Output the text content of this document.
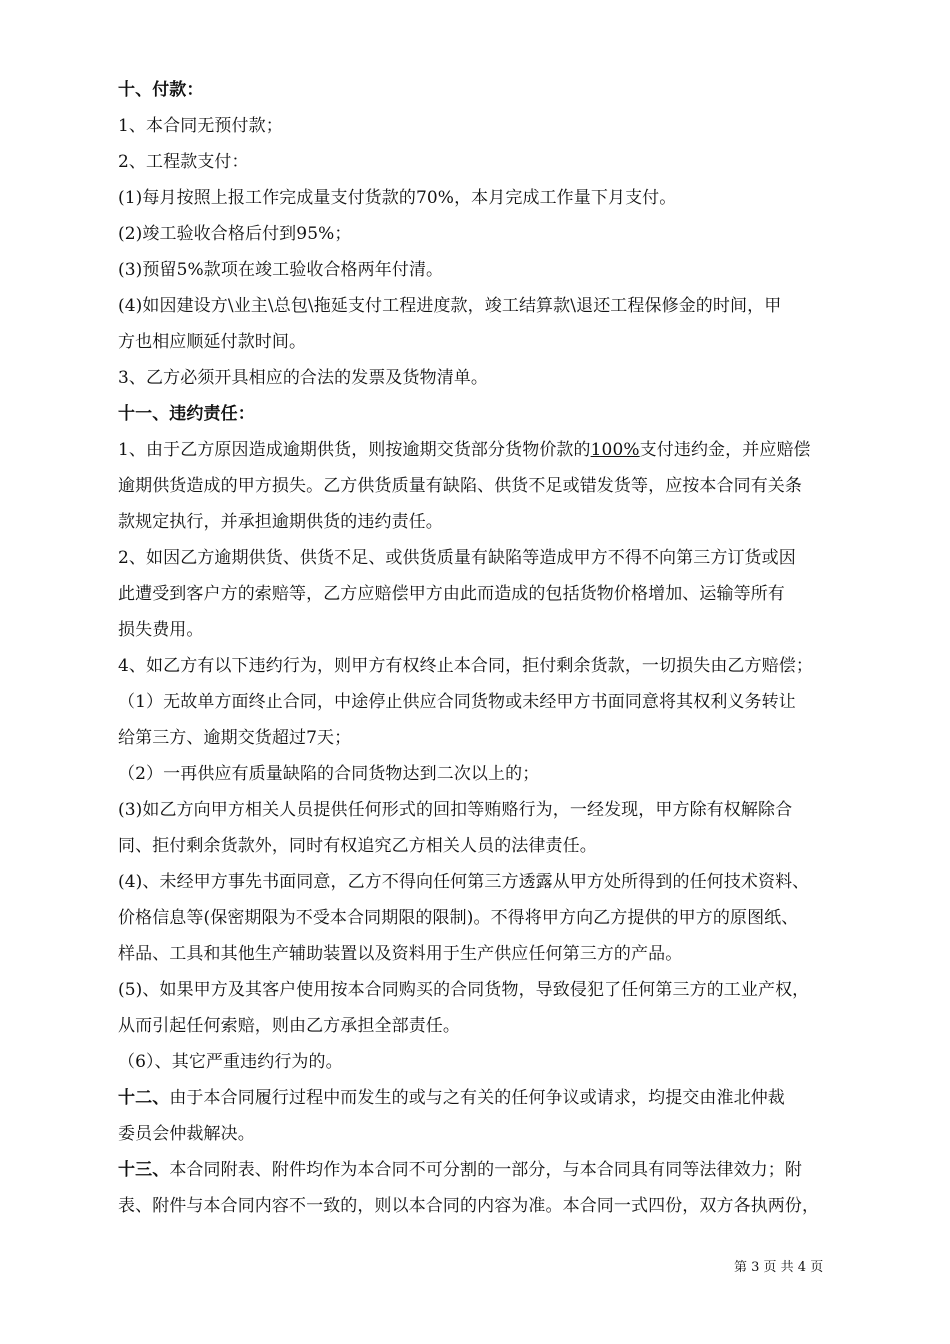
十、付款：
1、本合同无预付款；
2、工程款支付：
(1)每月按照上报工作完成量支付货款的70%，本月完成工作量下月支付。
(2)竣工验收合格后付到95%；
(3)预留5%款项在竣工验收合格两年付清。
(4)如因建设方\业主\总包\拖延支付工程进度款，竣工结算款\退还工程保修金的时间，甲
方也相应顺延付款时间。
3、乙方必须开具相应的合法的发票及货物清单。
十一、违约责任：
1、由于乙方原因造成逾期供货，则按逾期交货部分货物价款的100%支付违约金，并应赔偿
逾期供货造成的甲方损失。乙方供货质量有缺陷、供货不足或错发货等，应按本合同有关条
款规定执行，并承担逾期供货的违约责任。
2、如因乙方逾期供货、供货不足、或供货质量有缺陷等造成甲方不得不向第三方订货或因
此遭受到客户方的索赔等，乙方应赔偿甲方由此而造成的包括货物价格增加、运输等所有
损失费用。
4、如乙方有以下违约行为，则甲方有权终止本合同，拒付剩余货款，一切损失由乙方赔偿；
（1）无故单方面终止合同，中途停止供应合同货物或未经甲方书面同意将其权利义务转让
给第三方、逾期交货超过7天；
（2）一再供应有质量缺陷的合同货物达到二次以上的；
(3)如乙方向甲方相关人员提供任何形式的回扣等贿赂行为，一经发现，甲方除有权解除合
同、拒付剩余货款外，同时有权追究乙方相关人员的法律责任。
(4)、未经甲方事先书面同意，乙方不得向任何第三方透露从甲方处所得到的任何技术资料、
价格信息等(保密期限为不受本合同期限的限制)。不得将甲方向乙方提供的甲方的原图纸、
样品、工具和其他生产辅助装置以及资料用于生产供应任何第三方的产品。
(5)、如果甲方及其客户使用按本合同购买的合同货物，导致侵犯了任何第三方的工业产权，
从而引起任何索赔，则由乙方承担全部责任。
（6）、其它严重违约行为的。
十二、由于本合同履行过程中而发生的或与之有关的任何争议或请求，均提交由淮北仲裁
委员会仲裁解决。
十三、本合同附表、附件均作为本合同不可分割的一部分，与本合同具有同等法律效力；附
表、附件与本合同内容不一致的，则以本合同的内容为准。本合同一式四份，双方各执两份，
第 3 页 共 4 页
